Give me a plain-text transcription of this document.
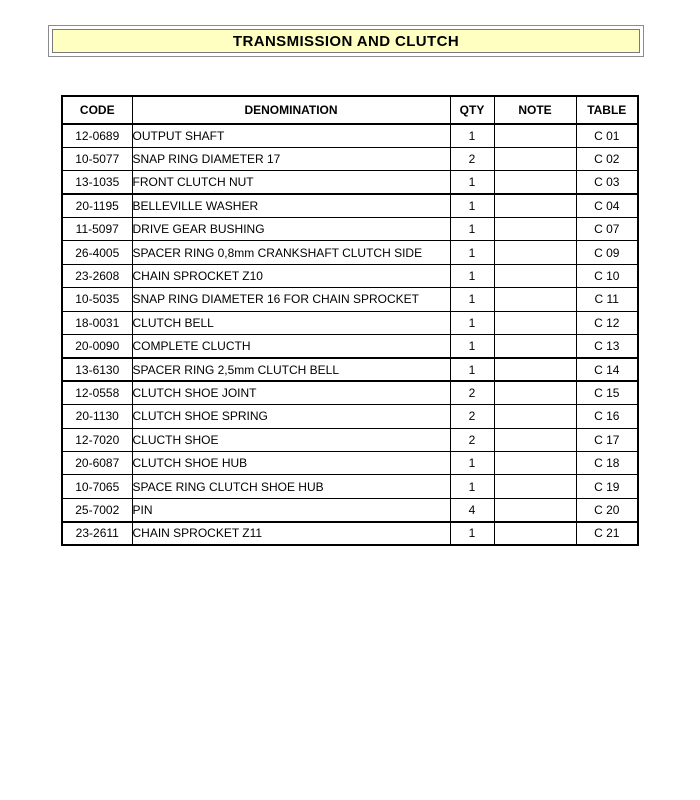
TRANSMISSION AND CLUTCH
CODE	DENOMINATION	QTY	NOTE	TABLE
12-0689	OUTPUT SHAFT	1		C 01
10-5077	SNAP RING DIAMETER 17	2		C 02
13-1035	FRONT CLUTCH NUT	1		C 03
20-1195	BELLEVILLE WASHER	1		C 04
11-5097	DRIVE GEAR BUSHING	1		C 07
26-4005	SPACER RING 0,8mm CRANKSHAFT CLUTCH SIDE	1		C 09
23-2608	CHAIN SPROCKET Z10	1		C 10
10-5035	SNAP RING DIAMETER 16 FOR CHAIN SPROCKET	1		C 11
18-0031	CLUTCH BELL	1		C 12
20-0090	COMPLETE CLUCTH	1		C 13
13-6130	SPACER RING 2,5mm CLUTCH BELL	1		C 14
12-0558	CLUTCH SHOE JOINT	2		C 15
20-1130	CLUTCH SHOE SPRING	2		C 16
12-7020	CLUCTH SHOE	2		C 17
20-6087	CLUTCH SHOE HUB	1		C 18
10-7065	SPACE RING CLUTCH SHOE HUB	1		C 19
25-7002	PIN	4		C 20
23-2611	CHAIN SPROCKET Z11	1		C 21
